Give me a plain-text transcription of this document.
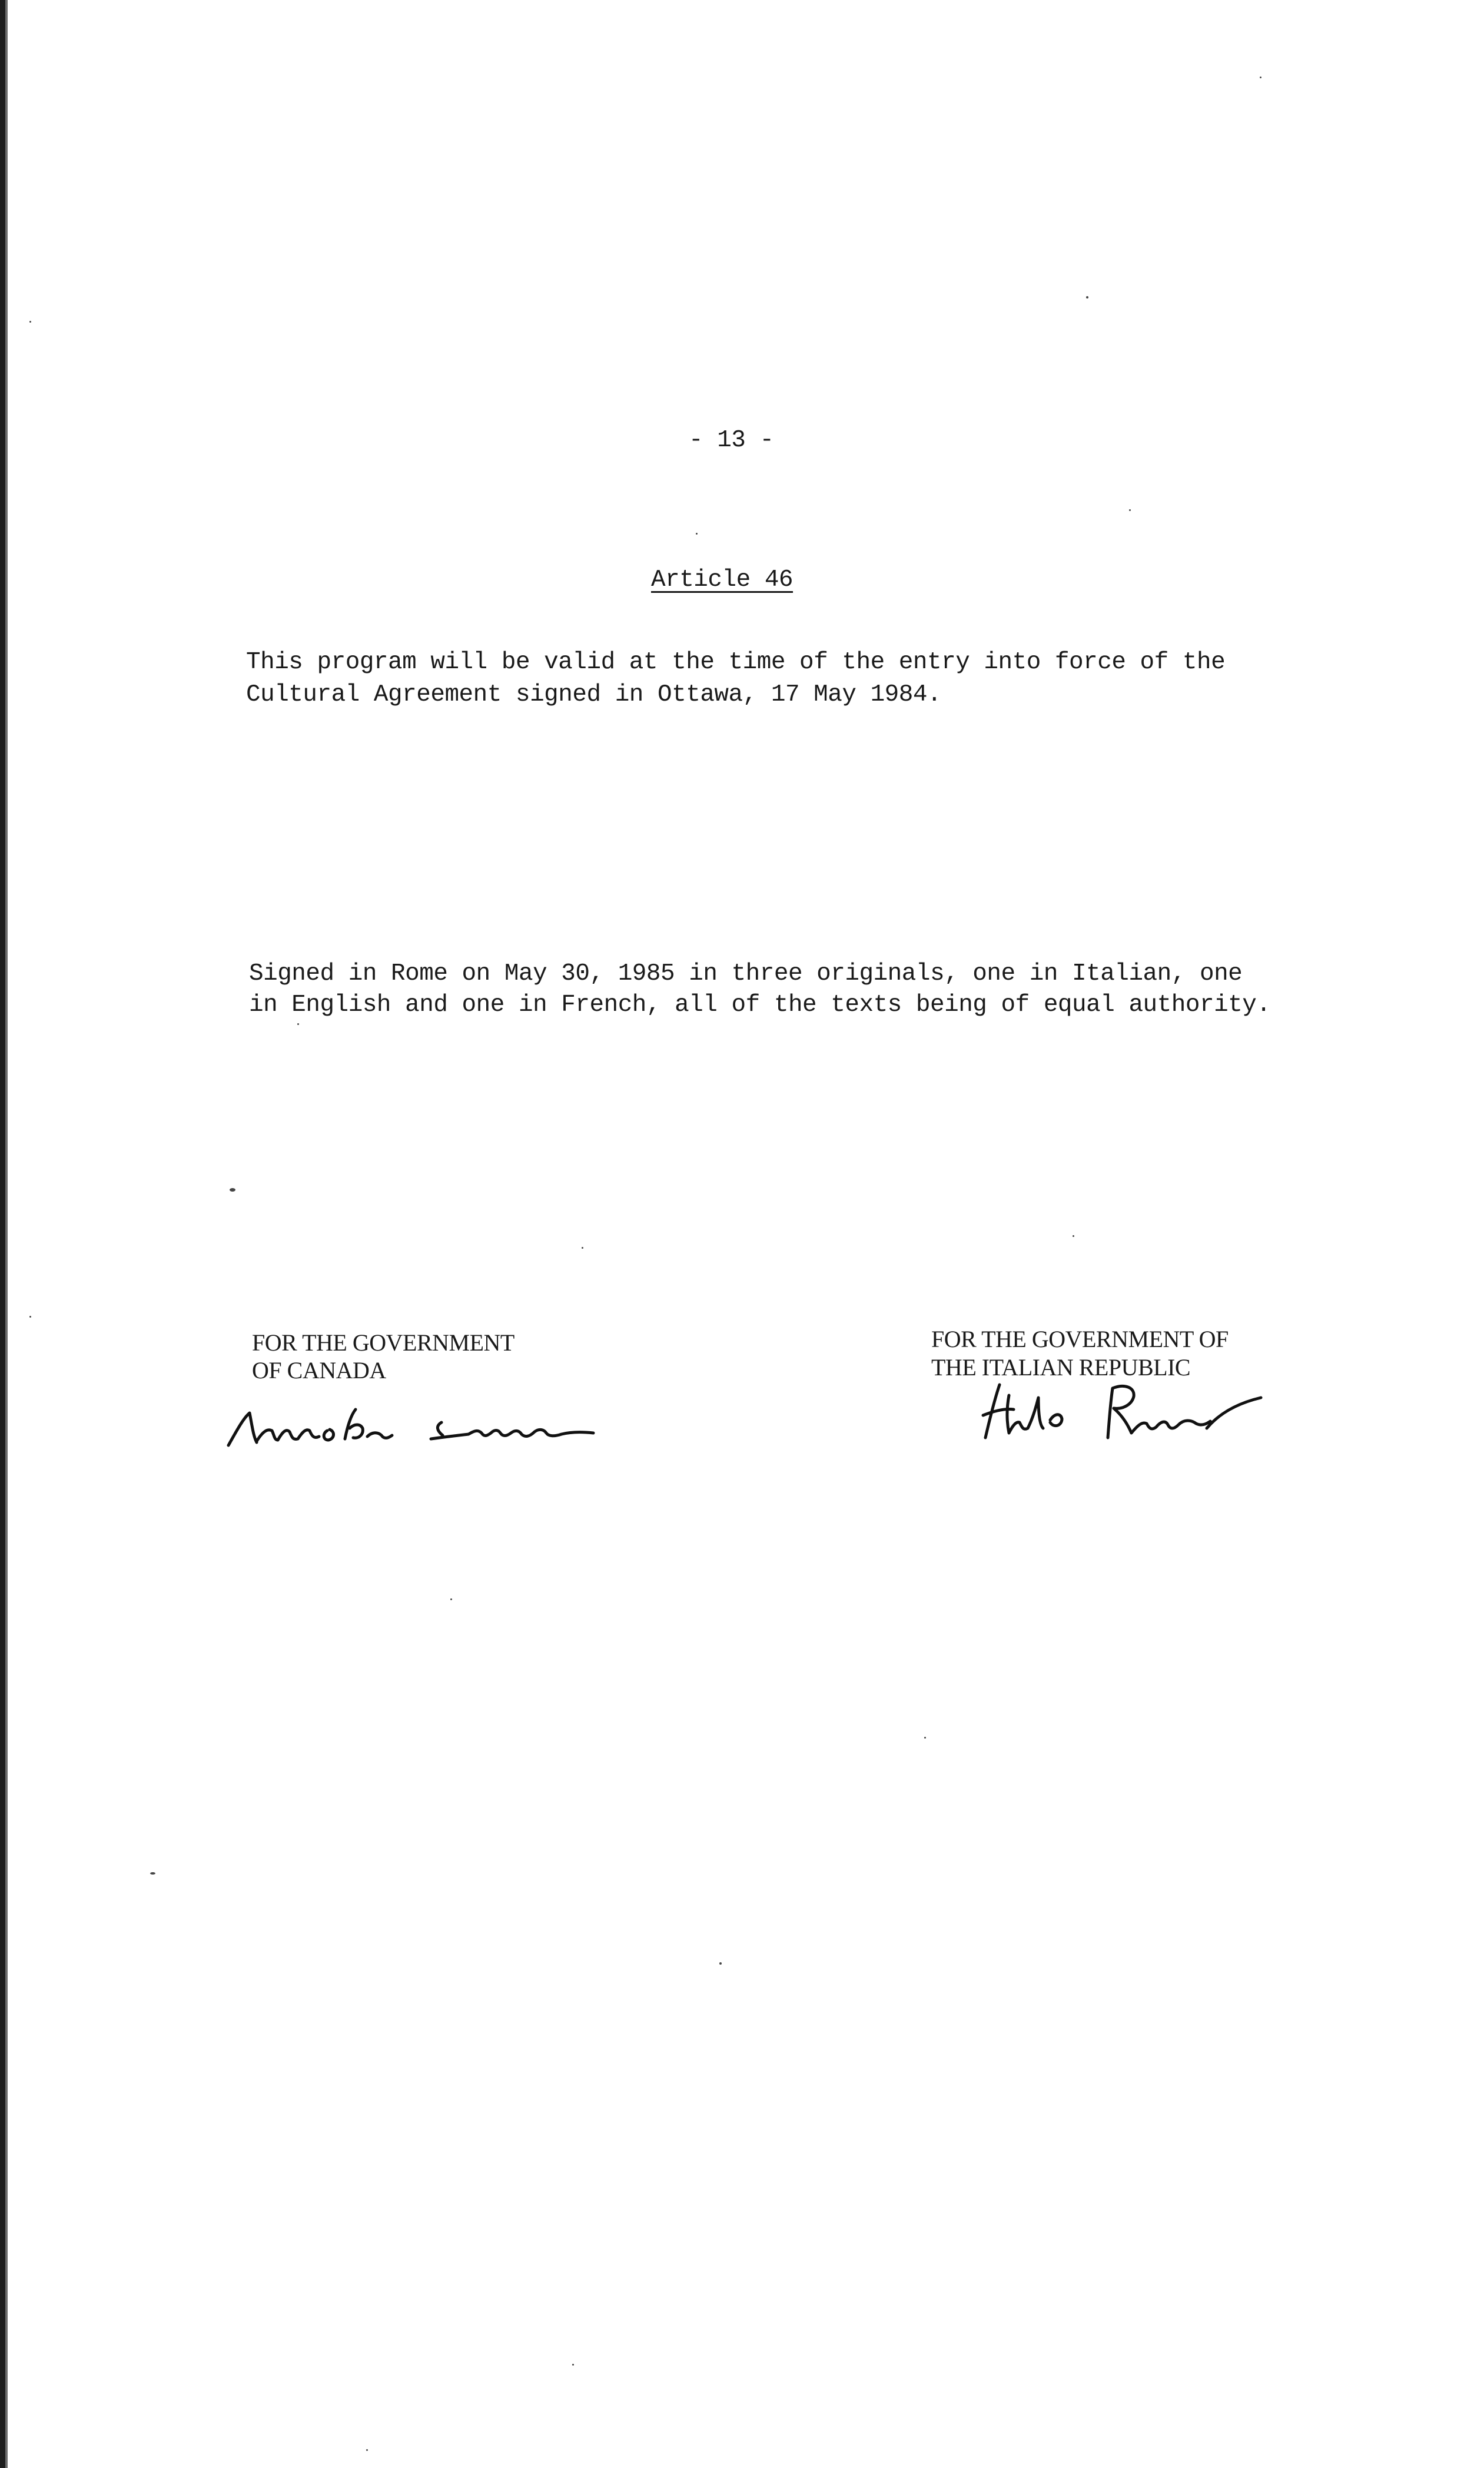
- 13 -
Article 46
This program will be valid at the time of the entry into force of the
Cultural Agreement signed in Ottawa, 17 May 1984.
Signed in Rome on May 30, 1985 in three originals, one in Italian, one
in English and one in French, all of the texts being of equal authority.
FOR THE GOVERNMENT
OF CANADA
FOR THE GOVERNMENT OF
THE ITALIAN REPUBLIC
